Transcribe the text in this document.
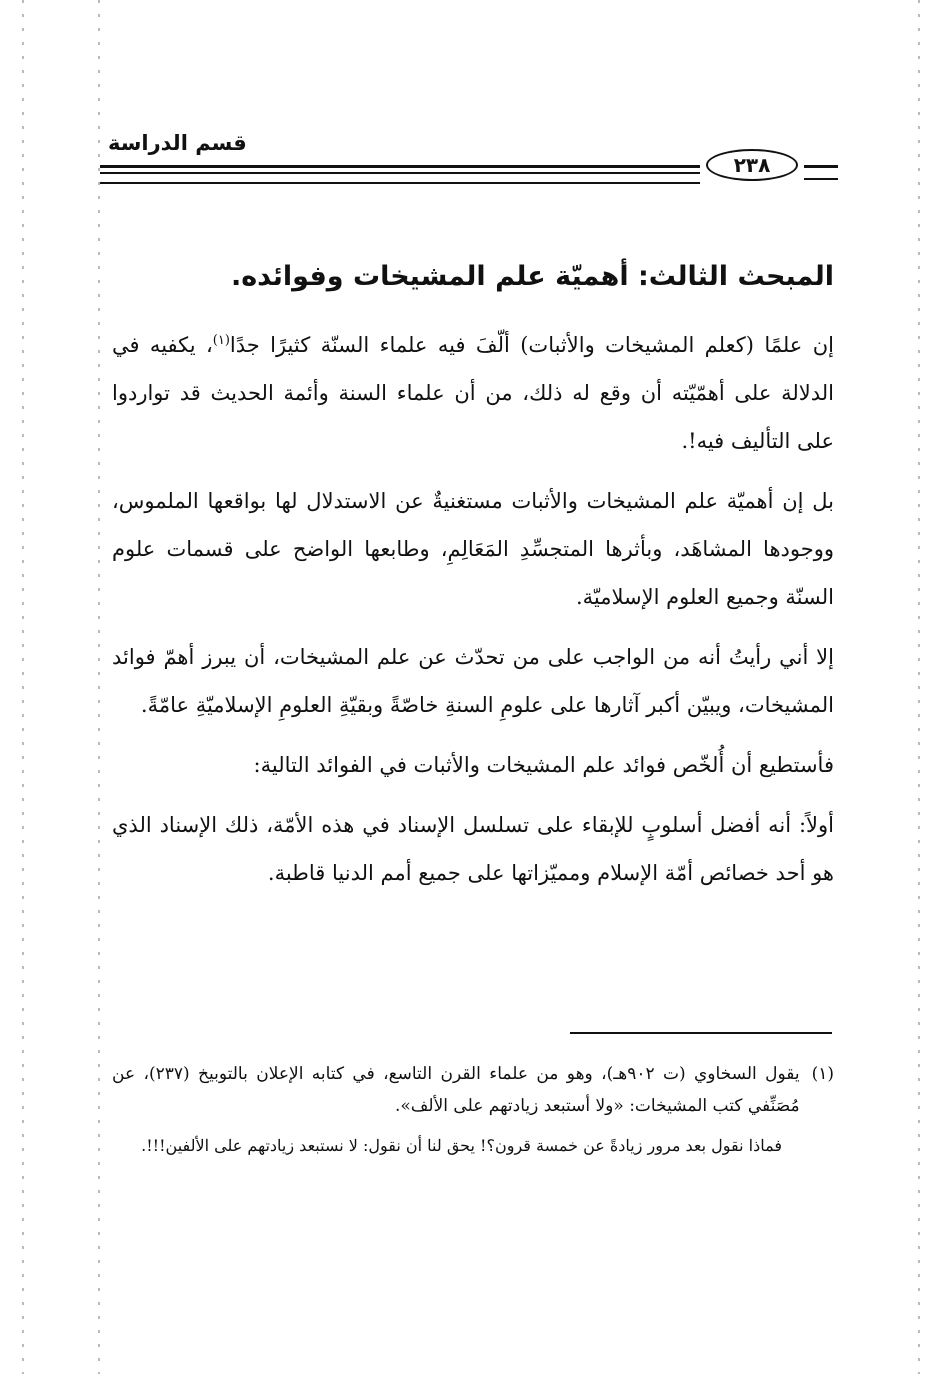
قسم الدراسة
٢٣٨
المبحث الثالث: أهميّة علم المشيخات وفوائده.

إن علمًا (كعلم المشيخات والأثبات) ألّفَ فيه علماء السنّة كثيرًا جدًا$^{(١)}$، يكفيه في الدلالة على أهمّيّته أن وقع له ذلك، من أن علماء السنة وأئمة الحديث قد تواردوا على التأليف فيه!.

بل إن أهميّة علم المشيخات والأثبات مستغنيةٌ عن الاستدلال لها بواقعها الملموس، ووجودها المشاهَد، وبأثرها المتجسِّدِ المَعَالِمِ، وطابعها الواضح على قسمات علوم السنّة وجميع العلوم الإسلاميّة.

إلا أني رأيتُ أنه من الواجب على من تحدّث عن علم المشيخات، أن يبرز أهمّ فوائد المشيخات، ويبيّن أكبر آثارها على علومِ السنةِ خاصّةً وبقيّةِ العلومِ الإسلاميّةِ عامّةً.

فأستطيع أن أُلخّص فوائد علم المشيخات والأثبات في الفوائد التالية:

أولاً: أنه أفضل أسلوبٍ للإبقاء على تسلسل الإسناد في هذه الأمّة، ذلك الإسناد الذي هو أحد خصائص أمّة الإسلام ومميّزاتها على جميع أمم الدنيا قاطبة.

(١)
يقول السخاوي (ت ٩٠٢هـ)، وهو من علماء القرن التاسع، في كتابه الإعلان بالتوبيخ (٢٣٧)، عن مُصَنِّفي كتب المشيخات: «ولا أستبعد زيادتهم على الألف».

فماذا نقول بعد مرور زيادةً عن خمسة قرون؟! يحق لنا أن نقول: لا نستبعد زيادتهم على الألفين!!!.
